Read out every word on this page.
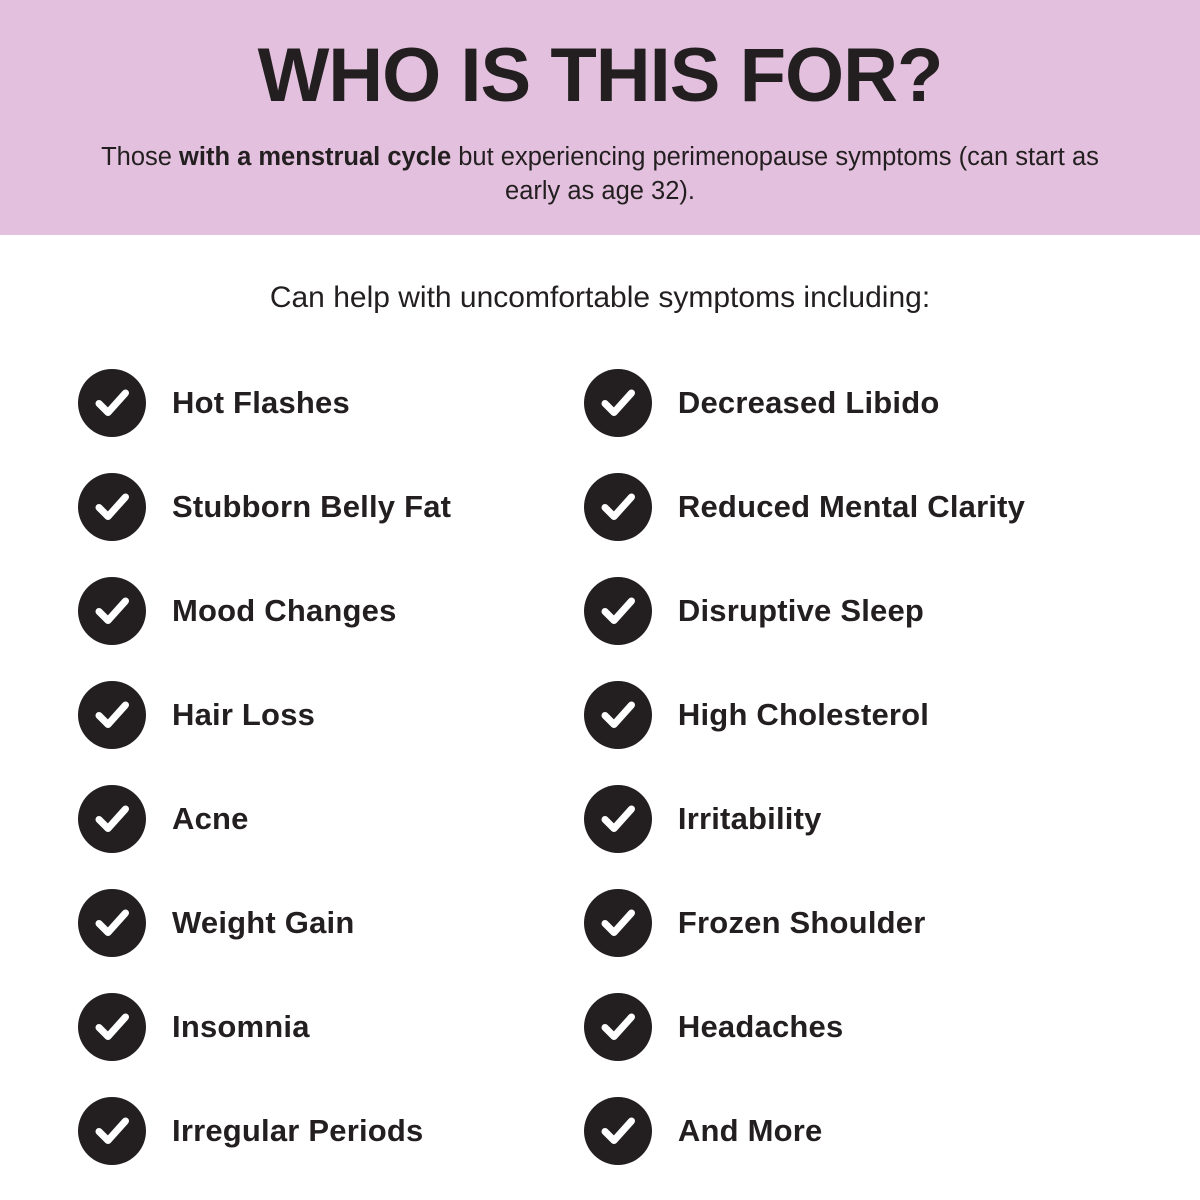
WHO IS THIS FOR?
Those with a menstrual cycle but experiencing perimenopause symptoms (can start as early as age 32).
Can help with uncomfortable symptoms including:
Hot Flashes
Stubborn Belly Fat
Mood Changes
Hair Loss
Acne
Weight Gain
Insomnia
Irregular Periods
Decreased Libido
Reduced Mental Clarity
Disruptive Sleep
High Cholesterol
Irritability
Frozen Shoulder
Headaches
And More
